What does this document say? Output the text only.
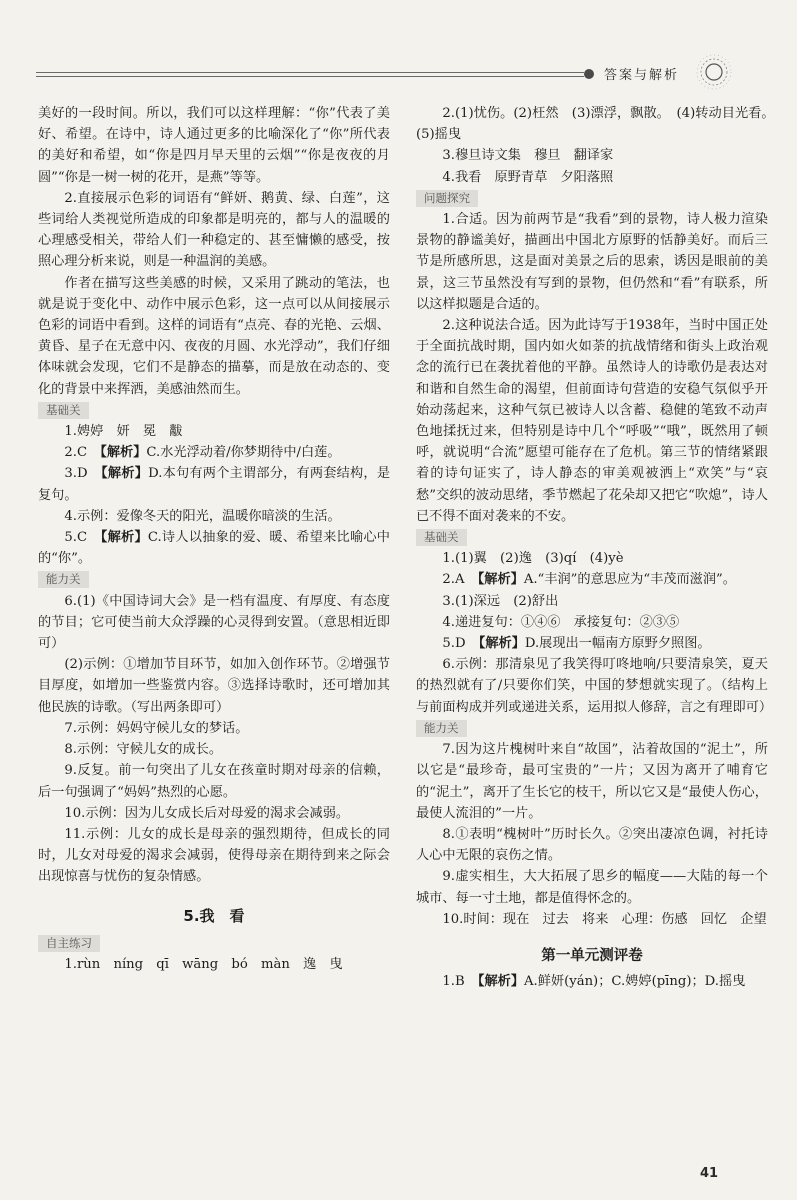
答案与解析

美好的一段时间。所以，我们可以这样理解：“你”代表了美好、希望。在诗中，诗人通过更多的比喻深化了“你”所代表的美好和希望，如“你是四月早天里的云烟”“你是夜夜的月圆”“你是一树一树的花开，是燕”等等。

2.直接展示色彩的词语有“鲜妍、鹅黄、绿、白莲”，这些词给人类视觉所造成的印象都是明亮的，都与人的温暖的心理感受相关，带给人们一种稳定的、甚至慵懒的感受，按照心理分析来说，则是一种温润的美感。

作者在描写这些美感的时候，又采用了跳动的笔法，也就是说于变化中、动作中展示色彩，这一点可以从间接展示色彩的词语中看到。这样的词语有“点亮、春的光艳、云烟、黄昏、星子在无意中闪、夜夜的月圆、水光浮动”，我们仔细体味就会发现，它们不是静态的描摹，而是放在动态的、变化的背景中来挥洒，美感油然而生。

基础关

1.娉婷　妍　冕　黻

2.C　【解析】C.水光浮动着/你梦期待中/白莲。

3.D　【解析】D.本句有两个主谓部分，有两套结构，是复句。

4.示例：爱像冬天的阳光，温暖你暗淡的生活。

5.C　【解析】C.诗人以抽象的爱、暖、希望来比喻心中的“你”。

能力关

6.(1)《中国诗词大会》是一档有温度、有厚度、有态度的节目；它可使当前大众浮躁的心灵得到安置。（意思相近即可）

(2)示例：①增加节目环节，如加入创作环节。②增强节目厚度，如增加一些鉴赏内容。③选择诗歌时，还可增加其他民族的诗歌。（写出两条即可）

7.示例：妈妈守候儿女的梦话。

8.示例：守候儿女的成长。

9.反复。前一句突出了儿女在孩童时期对母亲的信赖，后一句强调了“妈妈”热烈的心愿。

10.示例：因为儿女成长后对母爱的渴求会减弱。

11.示例：儿女的成长是母亲的强烈期待，但成长的同时，儿女对母爱的渴求会减弱，使得母亲在期待到来之际会出现惊喜与忧伤的复杂情感。

5.我　看
自主练习

1.rùn　níng　qī　wāng　bó　màn　逸　曳

2.(1)忧伤。(2)枉然　(3)漂浮，飘散。　(4)转动目光看。　(5)摇曳

3.穆旦诗文集　穆旦　翻译家

4.我看　原野青草　夕阳落照

问题探究

1.合适。因为前两节是“我看”到的景物，诗人极力渲染景物的静谧美好，描画出中国北方原野的恬静美好。而后三节是所感所思，这是面对美景之后的思索，诱因是眼前的美景，这三节虽然没有写到的景物，但仍然和“看”有联系，所以这样拟题是合适的。

2.这种说法合适。因为此诗写于1938年，当时中国正处于全面抗战时期，国内如火如荼的抗战情绪和街头上政治观念的流行已在袭扰着他的平静。虽然诗人的诗歌仍是表达对和谐和自然生命的渴望，但前面诗句营造的安稳气氛似乎开始动荡起来，这种气氛已被诗人以含蓄、稳健的笔致不动声色地揉抚过来，但特别是诗中几个“呼吸”“哦”，既然用了顿呼，就说明“合流”愿望可能存在了危机。第三节的情绪紧跟着的诗句证实了，诗人静态的审美观被洒上“欢笑”与“哀愁”交织的波动思绪，季节燃起了花朵却又把它“吹熄”，诗人已不得不面对袭来的不安。

基础关

1.(1)翼　(2)逸　(3)qí　(4)yè

2.A　【解析】A.“丰润”的意思应为“丰茂而滋润”。

3.(1)深远　(2)舒出

4.递进复句：①④⑥　承接复句：②③⑤

5.D　【解析】D.展现出一幅南方原野夕照图。

6.示例：那清泉见了我笑得叮咚地响/只要清泉笑，夏天的热烈就有了/只要你们笑，中国的梦想就实现了。（结构上与前面构成并列或递进关系，运用拟人修辞，言之有理即可）

能力关

7.因为这片槐树叶来自“故国”，沾着故国的“泥土”，所以它是“最珍奇，最可宝贵的”一片；又因为离开了哺育它的“泥土”，离开了生长它的枝干，所以它又是“最使人伤心，最使人流泪的”一片。

8.①表明“槐树叶”历时长久。②突出凄凉色调，衬托诗人心中无限的哀伤之情。

9.虚实相生，大大拓展了思乡的幅度——大陆的每一个城市、每一寸土地，都是值得怀念的。

10.时间：现在　过去　将来　心理：伤感　回忆　企望

第一单元测评卷

1.B　【解析】A.鲜妍(yán)；C.娉婷(pīng)；D.摇曳

41
